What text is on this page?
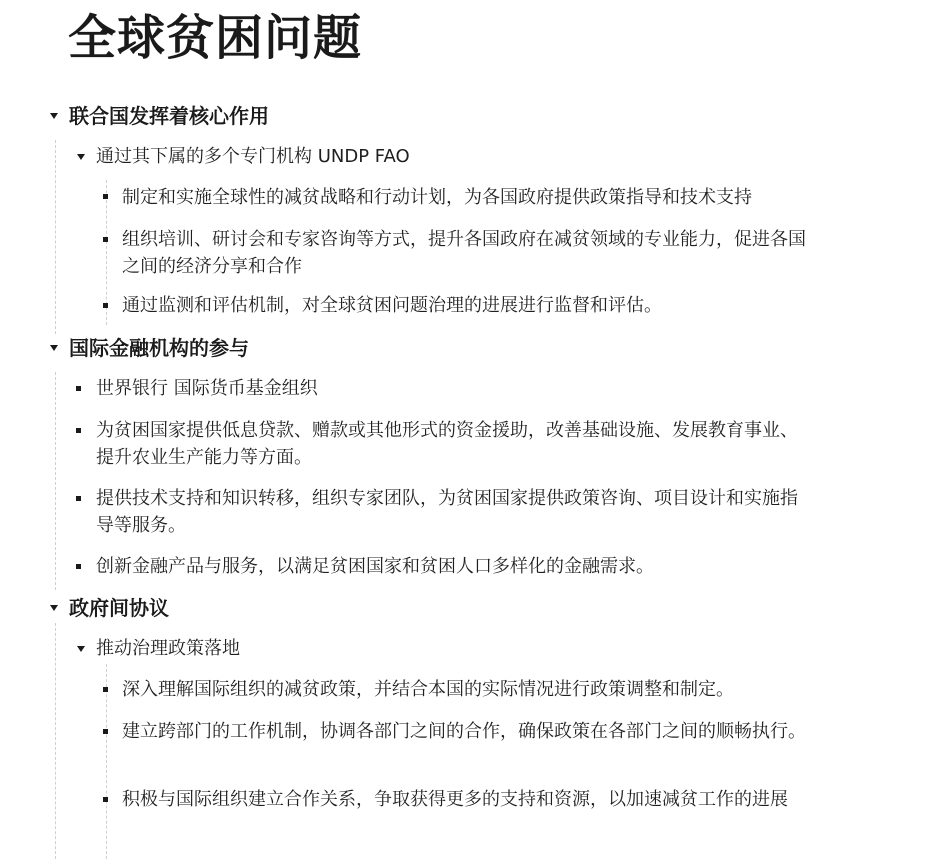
全球贫困问题
联合国发挥着核心作用
通过其下属的多个专门机构 UNDP FAO
制定和实施全球性的减贫战略和行动计划，为各国政府提供政策指导和技术支持
组织培训、研讨会和专家咨询等方式，提升各国政府在减贫领域的专业能力，促进各国之间的经济分享和合作
通过监测和评估机制，对全球贫困问题治理的进展进行监督和评估。
国际金融机构的参与
世界银行 国际货币基金组织
为贫困国家提供低息贷款、赠款或其他形式的资金援助，改善基础设施、发展教育事业、提升农业生产能力等方面。
提供技术支持和知识转移，组织专家团队，为贫困国家提供政策咨询、项目设计和实施指导等服务。
创新金融产品与服务，以满足贫困国家和贫困人口多样化的金融需求。
政府间协议
推动治理政策落地
深入理解国际组织的减贫政策，并结合本国的实际情况进行政策调整和制定。
建立跨部门的工作机制，协调各部门之间的合作，确保政策在各部门之间的顺畅执行。
积极与国际组织建立合作关系，争取获得更多的支持和资源，以加速减贫工作的进展
